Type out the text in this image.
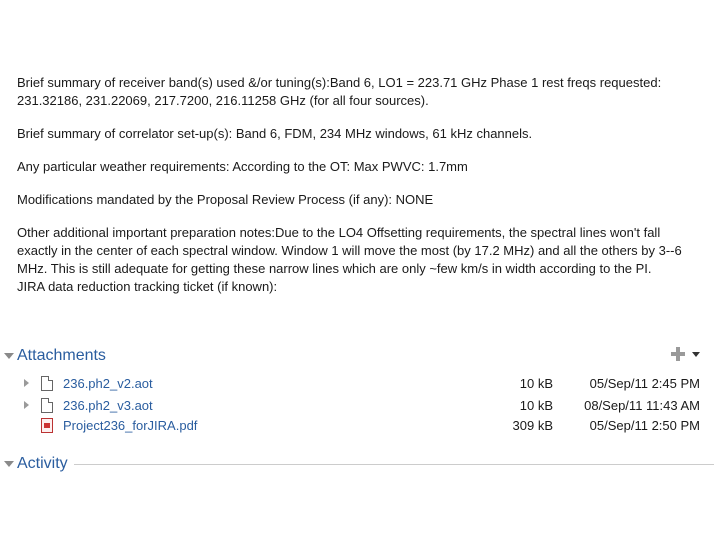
Brief summary of receiver band(s) used &/or tuning(s):Band 6, LO1 = 223.71 GHz Phase 1 rest freqs requested: 231.32186, 231.22069, 217.7200, 216.11258 GHz (for all four sources).

Brief summary of correlator set-up(s): Band 6, FDM, 234 MHz windows, 61 kHz channels.

Any particular weather requirements: According to the OT: Max PWVC: 1.7mm

Modifications mandated by the Proposal Review Process (if any): NONE

Other additional important preparation notes:Due to the LO4 Offsetting requirements, the spectral lines won't fall exactly in the center of each spectral window. Window 1 will move the most (by 17.2 MHz) and all the others by 3--6 MHz. This is still adequate for getting these narrow lines which are only ~few km/s in width according to the PI.

JIRA data reduction tracking ticket (if known):

Attachments
236.ph2_v2.aot	10 kB	05/Sep/11 2:45 PM
236.ph2_v3.aot	10 kB	08/Sep/11 11:43 AM
Project236_forJIRA.pdf	309 kB	05/Sep/11 2:50 PM
Activity
